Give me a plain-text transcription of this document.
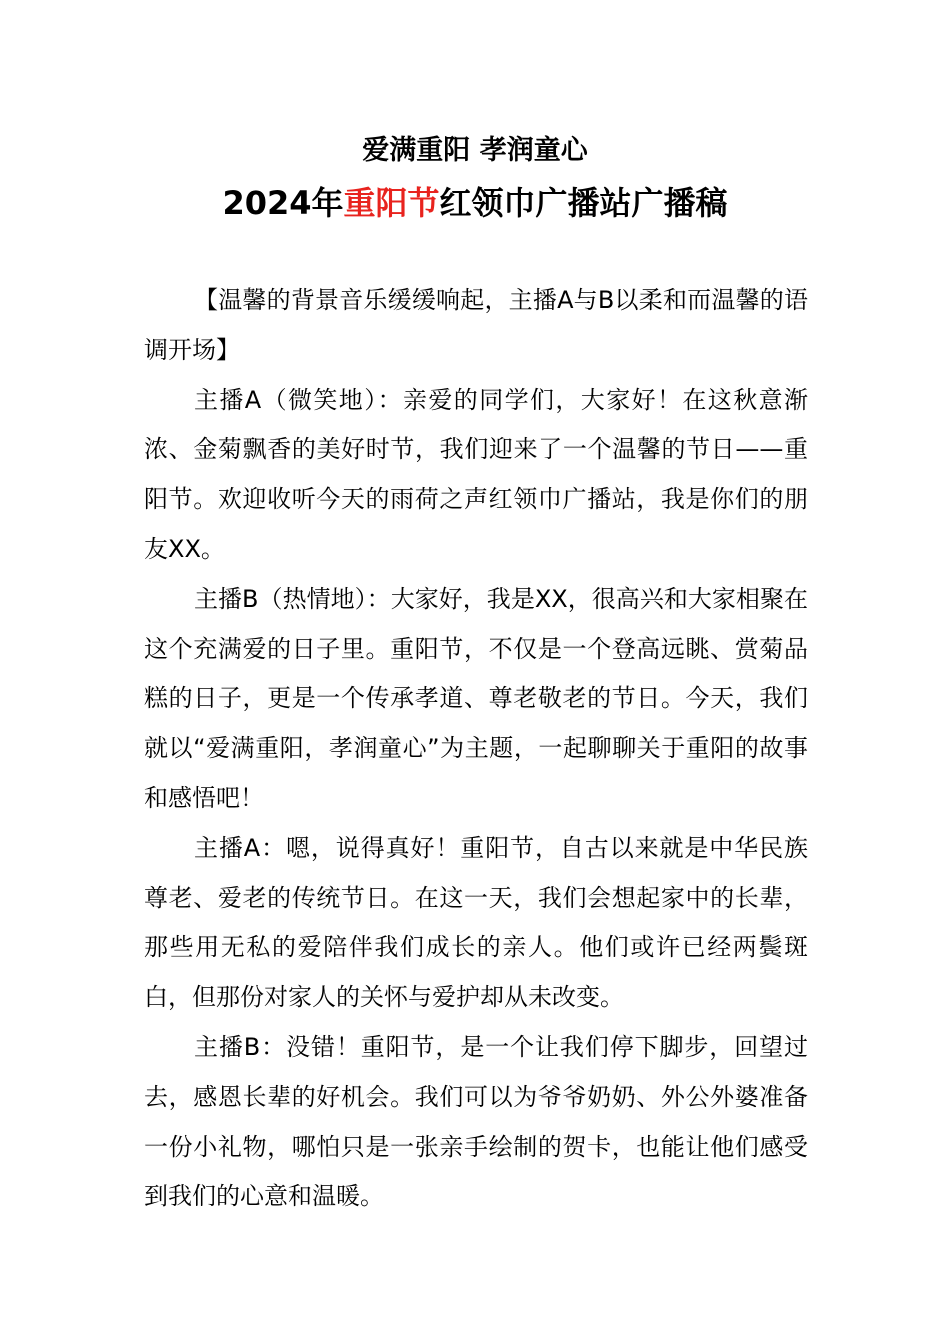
爱满重阳 孝润童心
2024年重阳节红领巾广播站广播稿

【温馨的背景音乐缓缓响起，主播A与B以柔和而温馨的语调开场】

主播A（微笑地）：亲爱的同学们，大家好！在这秋意渐浓、金菊飘香的美好时节，我们迎来了一个温馨的节日——重阳节。欢迎收听今天的雨荷之声红领巾广播站，我是你们的朋友XX。

主播B（热情地）：大家好，我是XX，很高兴和大家相聚在这个充满爱的日子里。重阳节，不仅是一个登高远眺、赏菊品糕的日子，更是一个传承孝道、尊老敬老的节日。今天，我们就以“爱满重阳，孝润童心”为主题，一起聊聊关于重阳的故事和感悟吧！

主播A：嗯，说得真好！重阳节，自古以来就是中华民族尊老、爱老的传统节日。在这一天，我们会想起家中的长辈，那些用无私的爱陪伴我们成长的亲人。他们或许已经两鬓斑白，但那份对家人的关怀与爱护却从未改变。

主播B：没错！重阳节，是一个让我们停下脚步，回望过去，感恩长辈的好机会。我们可以为爷爷奶奶、外公外婆准备一份小礼物，哪怕只是一张亲手绘制的贺卡，也能让他们感受到我们的心意和温暖。
